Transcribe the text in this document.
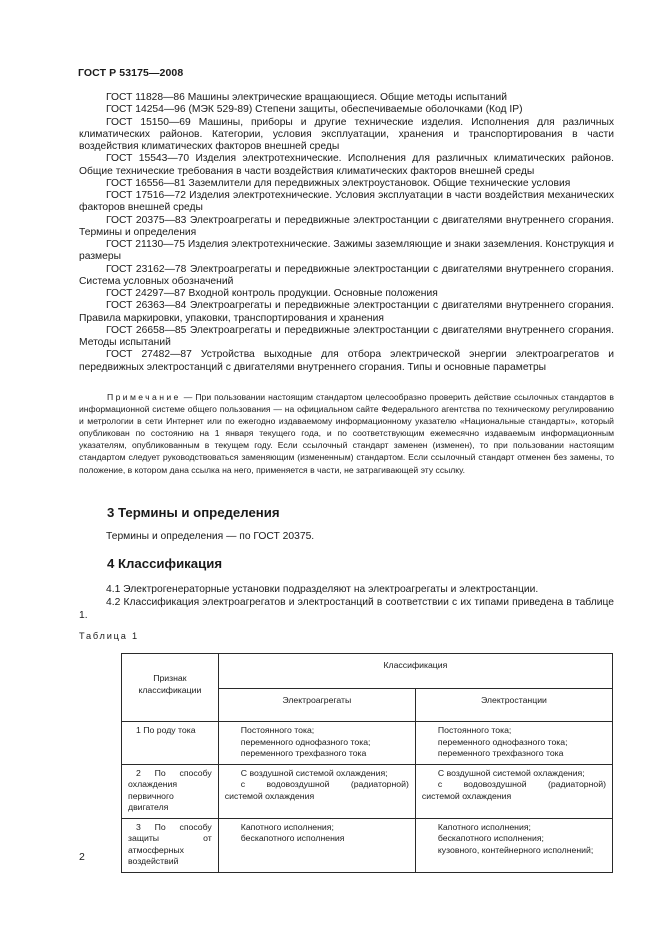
ГОСТ Р 53175—2008

ГОСТ 11828—86 Машины электрические вращающиеся. Общие методы испытаний

ГОСТ 14254—96 (МЭК 529-89) Степени защиты, обеспечиваемые оболочками (Код IP)

ГОСТ 15150—69 Машины, приборы и другие технические изделия. Исполнения для различных климатических районов. Категории, условия эксплуатации, хранения и транспортирования в части воздействия климатических факторов внешней среды

ГОСТ 15543—70 Изделия электротехнические. Исполнения для различных климатических районов. Общие технические требования в части воздействия климатических факторов внешней среды

ГОСТ 16556—81 Заземлители для передвижных электроустановок. Общие технические условия

ГОСТ 17516—72 Изделия электротехнические. Условия эксплуатации в части воздействия механических факторов внешней среды

ГОСТ 20375—83 Электроагрегаты и передвижные электростанции с двигателями внутреннего сгорания. Термины и определения

ГОСТ 21130—75 Изделия электротехнические. Зажимы заземляющие и знаки заземления. Конструкция и размеры

ГОСТ 23162—78 Электроагрегаты и передвижные электростанции с двигателями внутреннего сгорания. Система условных обозначений

ГОСТ 24297—87 Входной контроль продукции. Основные положения

ГОСТ 26363—84 Электроагрегаты и передвижные электростанции с двигателями внутреннего сгорания. Правила маркировки, упаковки, транспортирования и хранения

ГОСТ 26658—85 Электроагрегаты и передвижные электростанции с двигателями внутреннего сгорания. Методы испытаний

ГОСТ 27482—87 Устройства выходные для отбора электрической энергии электроагрегатов и передвижных электростанций с двигателями внутреннего сгорания. Типы и основные параметры

Примечание — При пользовании настоящим стандартом целесообразно проверить действие ссылочных стандартов в информационной системе общего пользования — на официальном сайте Федерального агентства по техническому регулированию и метрологии в сети Интернет или по ежегодно издаваемому информационному указателю «Национальные стандарты», который опубликован по состоянию на 1 января текущего года, и по соответствующим ежемесячно издаваемым информационным указателям, опубликованным в текущем году. Если ссылочный стандарт заменен (изменен), то при пользовании настоящим стандартом следует руководствоваться заменяющим (измененным) стандартом. Если ссылочный стандарт отменен без замены, то положение, в котором дана ссылка на него, применяется в части, не затрагивающей эту ссылку.

3 Термины и определения

Термины и определения — по ГОСТ 20375.

4 Классификация

4.1 Электрогенераторные установки подразделяют на электроагрегаты и электростанции.

4.2 Классификация электроагрегатов и электростанций в соответствии с их типами приведена в таблице 1.

Таблица 1
Признак классификации	Классификация	
	Электроагрегаты	Электростанции

1 По роду тока	Постоянного тока;
переменного однофазного тока;
переменного трехфазного тока	Постоянного тока;
переменного однофазного тока;
переменного трехфазного тока

2 По способу охлаждения первичного двигателя	С воздушной системой охлаждения;
с водовоздушной (радиаторной) системой охлаждения	С воздушной системой охлаждения;
с водовоздушной (радиаторной) системой охлаждения

3 По способу защиты от атмосферных воздействий	Капотного исполнения;
бескапотного исполнения	Капотного исполнения;
бескапотного исполнения;
кузовного, контейнерного исполнений;
2
